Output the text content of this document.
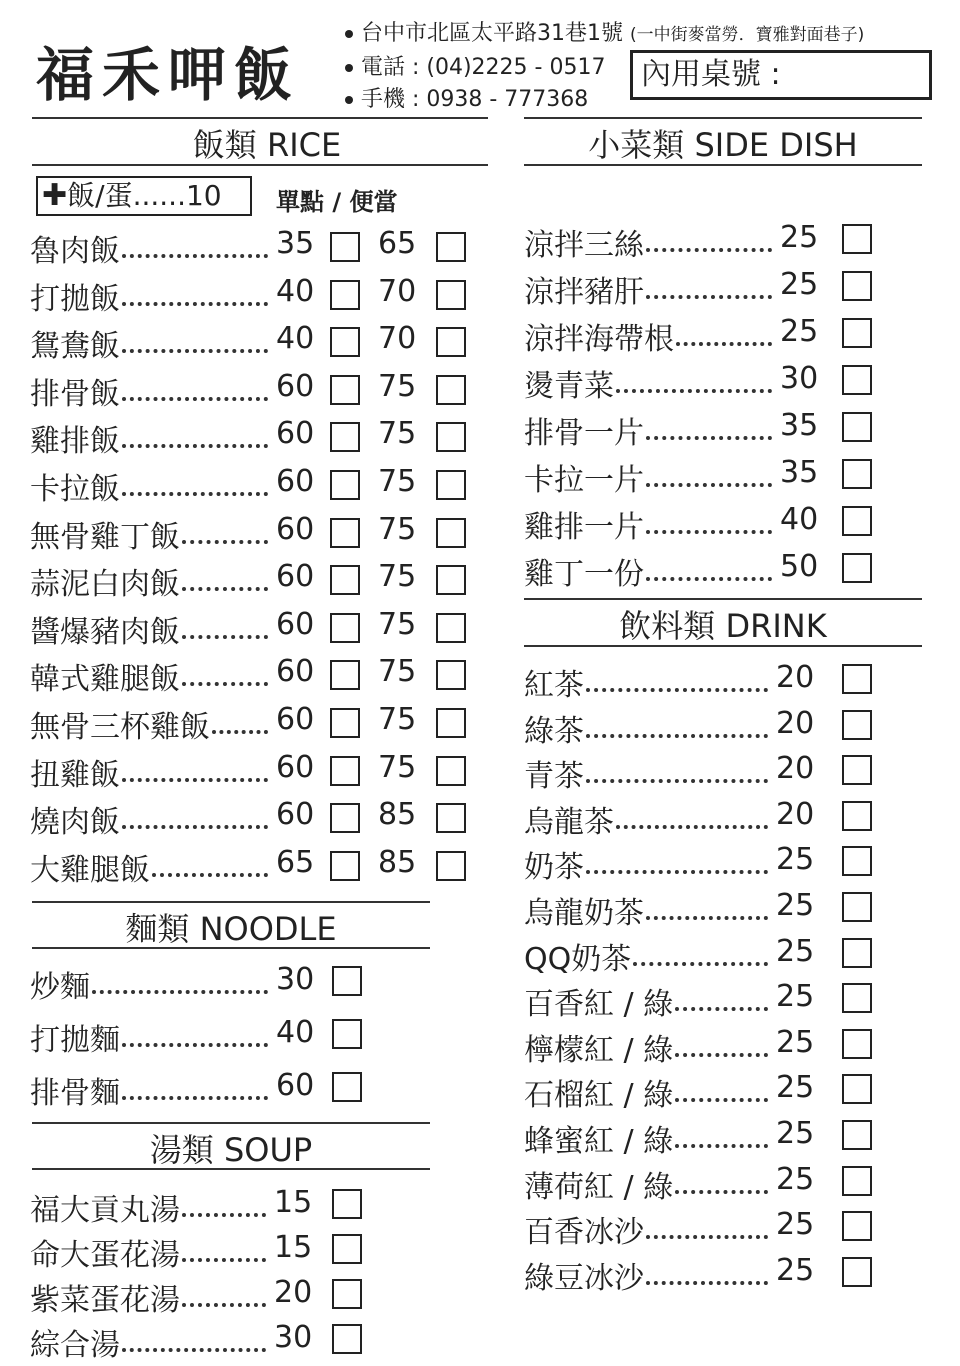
福禾呷飯
台中市北區太平路31巷1號 (一中街麥當勞．寶雅對面巷子)
電話 : (04)2225 - 0517
手機 : 0938 - 777368
內用桌號 :
飯類 RICE
✚飯/蛋......10	單點 / 便當
魯肉飯	35 65
打拋飯	40 70
鴛鴦飯	40 70
排骨飯	60 75
雞排飯	60 75
卡拉飯	60 75
無骨雞丁飯	60 75
蒜泥白肉飯	60 75
醬爆豬肉飯	60 75
韓式雞腿飯	60 75
無骨三杯雞飯 60 75
扭雞飯	60 75
燒肉飯	60 85
大雞腿飯	65 85
麵類 NOODLE
炒麵	30
打拋麵	40
排骨麵	60
湯類 SOUP
福大貢丸湯	15
命大蛋花湯	15
紫菜蛋花湯	20
綜合湯	30
小菜類 SIDE DISH
涼拌三絲	25
涼拌豬肝	25
涼拌海帶根	25
燙青菜	30
排骨一片	35
卡拉一片	35
雞排一片	40
雞丁一份	50
飲料類 DRINK
紅茶	20
綠茶	20
青茶	20
烏龍茶	20
奶茶	25
烏龍奶茶	25
QQ奶茶	25
百香紅 / 綠	25
檸檬紅 / 綠	25
石榴紅 / 綠	25
蜂蜜紅 / 綠	25
薄荷紅 / 綠	25
百香冰沙	25
綠豆冰沙	25
